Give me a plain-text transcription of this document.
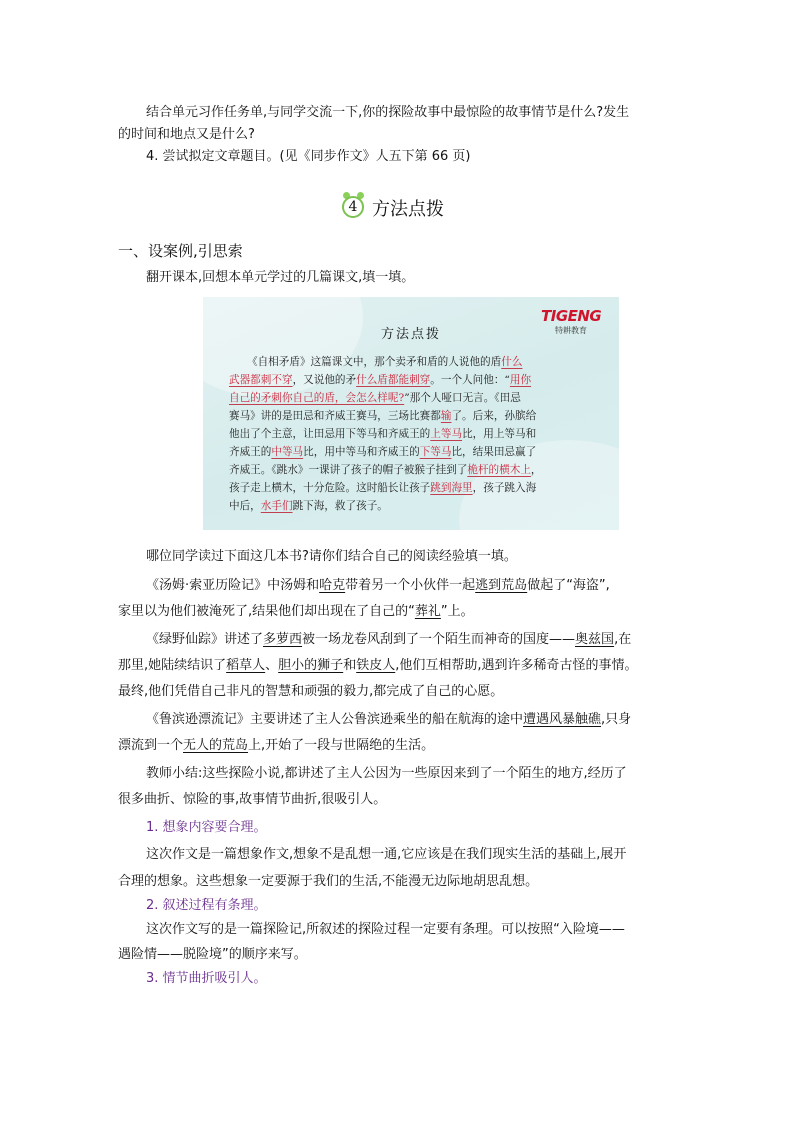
结合单元习作任务单,与同学交流一下,你的探险故事中最惊险的故事情节是什么?发生
的时间和地点又是什么?
4. 尝试拟定文章题目。(见《同步作文》人五下第 66 页)
4 方法点拨
一、设案例,引思索
翻开课本,回想本单元学过的几篇课文,填一填。
方法点拨
TIGENG
特耕教育
《自相矛盾》这篇课文中，那个卖矛和盾的人说他的盾什么
武器都刺不穿，又说他的矛什么盾都能刺穿。一个人问他：“用你
自己的矛刺你自己的盾，会怎么样呢?”那个人哑口无言。《田忌
赛马》讲的是田忌和齐威王赛马，三场比赛都输了。后来，孙膑给
他出了个主意，让田忌用下等马和齐威王的上等马比，用上等马和
齐威王的中等马比，用中等马和齐威王的下等马比，结果田忌赢了
齐威王。《跳水》一课讲了孩子的帽子被猴子挂到了桅杆的横木上，
孩子走上横木，十分危险。这时船长让孩子跳到海里，孩子跳入海
中后，水手们跳下海，救了孩子。
哪位同学读过下面这几本书?请你们结合自己的阅读经验填一填。
《汤姆·索亚历险记》中汤姆和哈克带着另一个小伙伴一起逃到荒岛做起了“海盗”,
家里以为他们被淹死了,结果他们却出现在了自己的“葬礼”上。
《绿野仙踪》讲述了多萝西被一场龙卷风刮到了一个陌生而神奇的国度——奥兹国,在
那里,她陆续结识了稻草人、胆小的狮子和铁皮人,他们互相帮助,遇到许多稀奇古怪的事情。
最终,他们凭借自己非凡的智慧和顽强的毅力,都完成了自己的心愿。
《鲁滨逊漂流记》主要讲述了主人公鲁滨逊乘坐的船在航海的途中遭遇风暴触礁,只身
漂流到一个无人的荒岛上,开始了一段与世隔绝的生活。
教师小结:这些探险小说,都讲述了主人公因为一些原因来到了一个陌生的地方,经历了
很多曲折、惊险的事,故事情节曲折,很吸引人。
1. 想象内容要合理。
这次作文是一篇想象作文,想象不是乱想一通,它应该是在我们现实生活的基础上,展开
合理的想象。这些想象一定要源于我们的生活,不能漫无边际地胡思乱想。
2. 叙述过程有条理。
这次作文写的是一篇探险记,所叙述的探险过程一定要有条理。可以按照“入险境——
遇险情——脱险境”的顺序来写。
3. 情节曲折吸引人。
